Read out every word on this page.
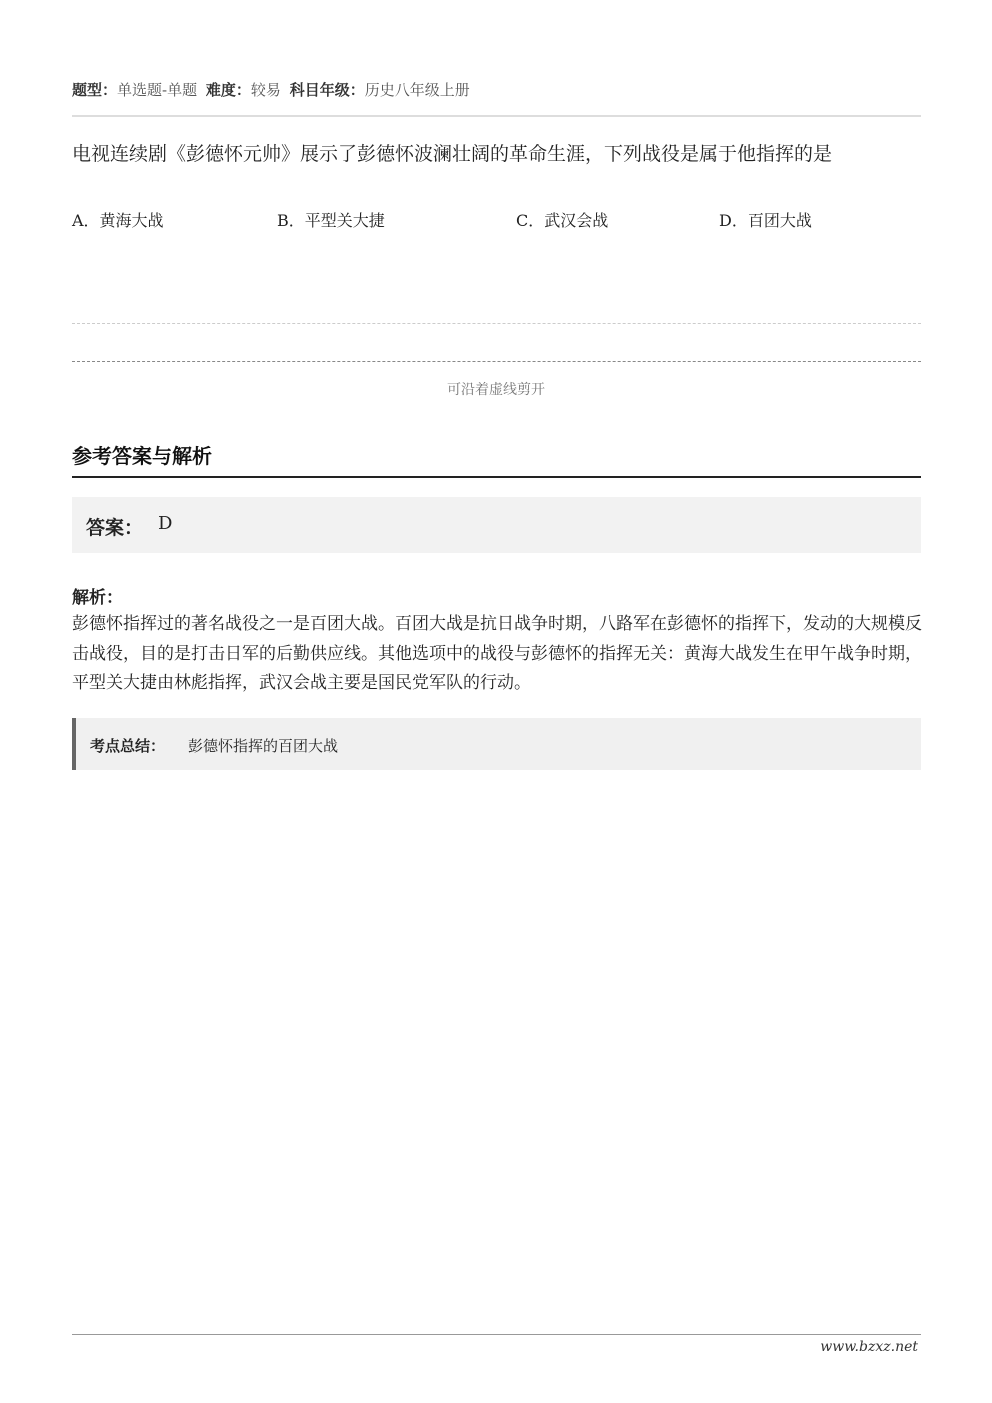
题型：单选题-单题 难度：较易 科目年级：历史八年级上册
电视连续剧《彭德怀元帅》展示了彭德怀波澜壮阔的革命生涯，下列战役是属于他指挥的是
A．黄海大战	B．平型关大捷	C．武汉会战	D．百团大战
可沿着虚线剪开
参考答案与解析
答案： D
解析：
彭德怀指挥过的著名战役之一是百团大战。百团大战是抗日战争时期，八路军在彭德怀的指挥下，发动的大规模反击战役，目的是打击日军的后勤供应线。其他选项中的战役与彭德怀的指挥无关：黄海大战发生在甲午战争时期，平型关大捷由林彪指挥，武汉会战主要是国民党军队的行动。
考点总结： 彭德怀指挥的百团大战
www.bzxz.net
